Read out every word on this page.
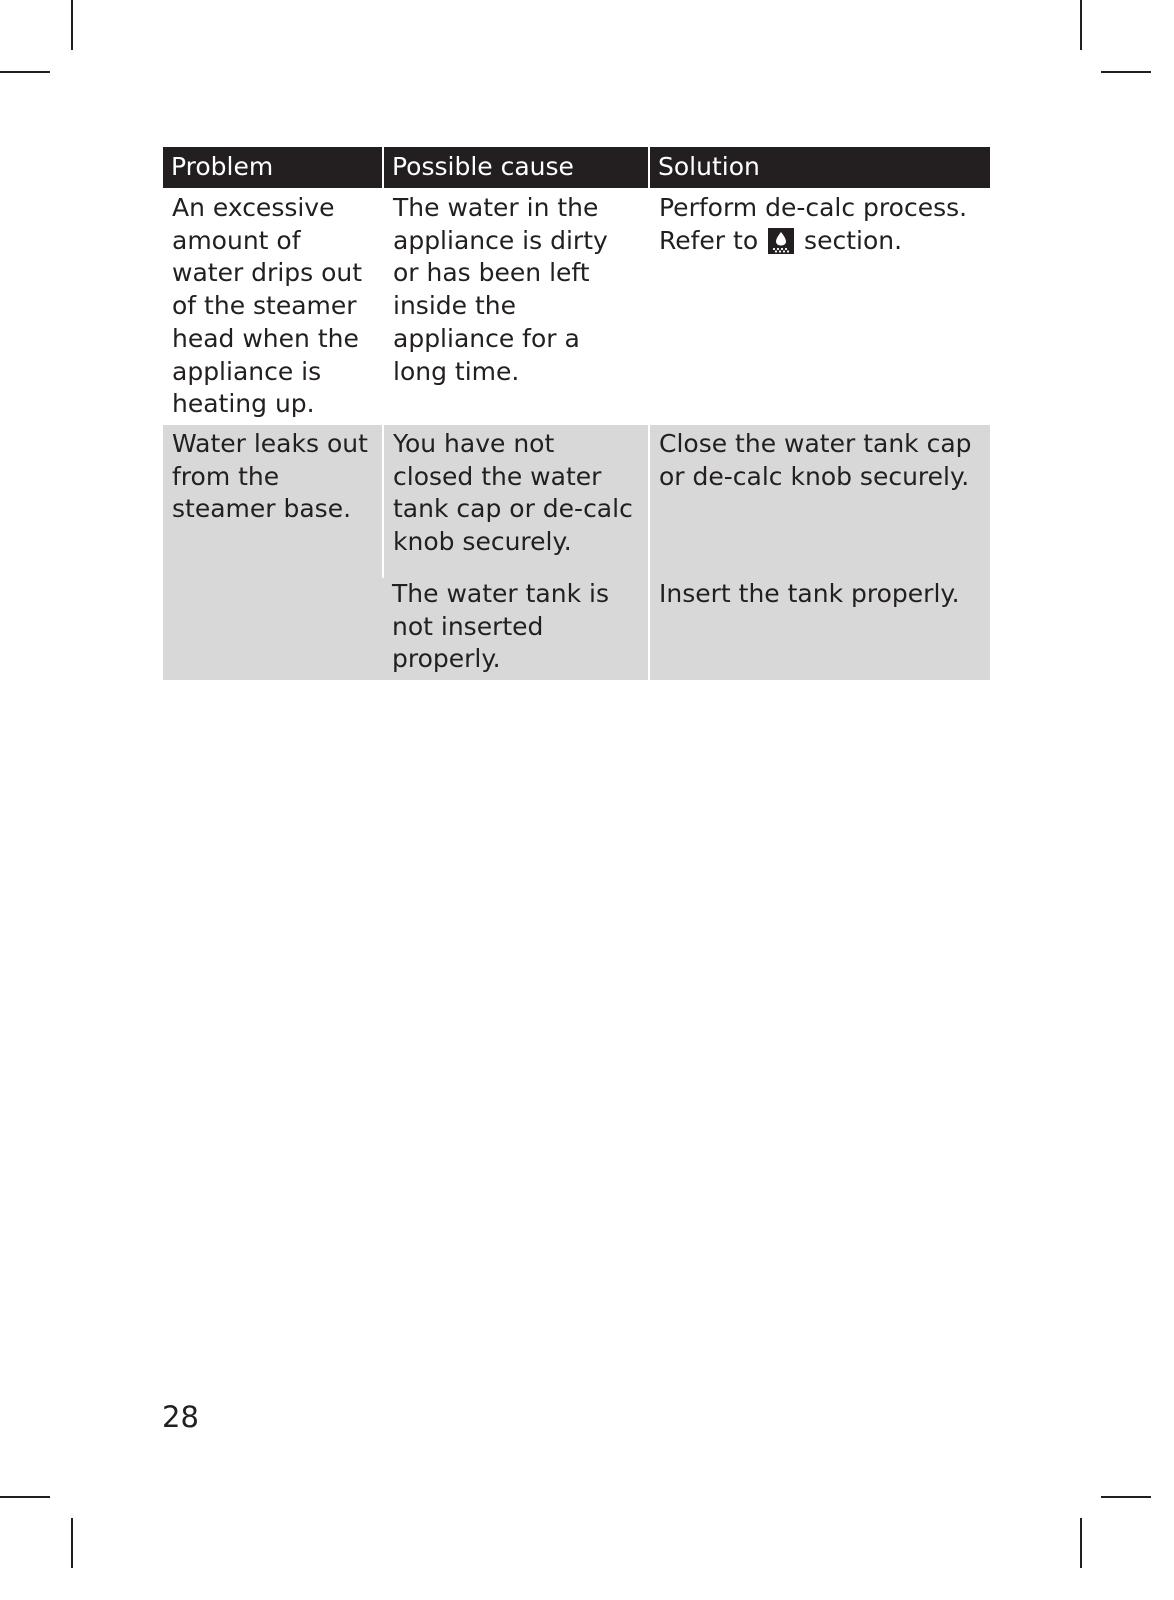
Problem	Possible cause	Solution

An excessive amount of water drips out of the steamer head when the appliance is heating up.	The water in the appliance is dirty or has been left inside the appliance for a long time.	Perform de-calc process. Refer to section.

Water leaks out from the steamer base.	You have not closed the water tank cap or de-calc knob securely.	Close the water tank cap or de-calc knob securely.

	The water tank is not inserted properly.	Insert the tank properly.
28
